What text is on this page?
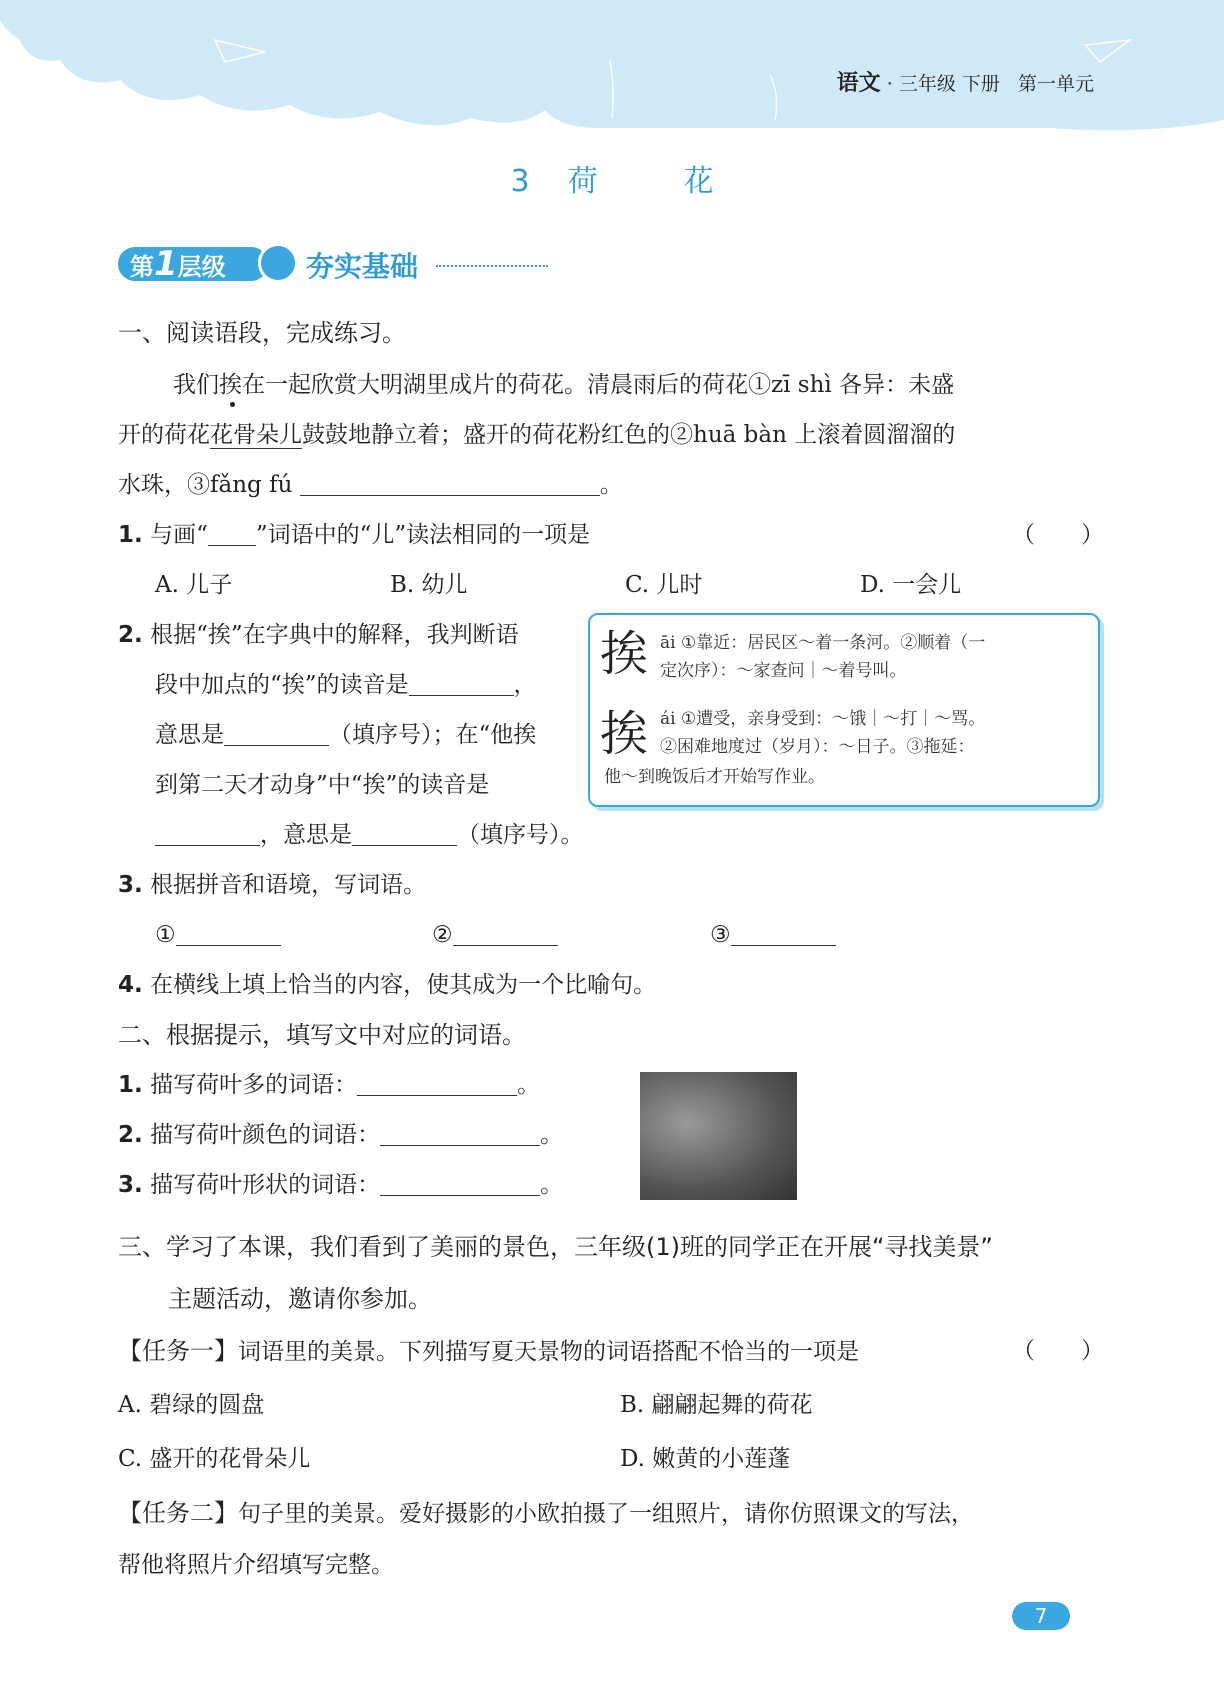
语文 · 三年级 下册 第一单元
3 荷	花
第1层级	夯实基础
一、阅读语段，完成练习。
我们挨
在一起欣赏大明湖里成片的荷花。清晨雨后的荷花①zī shì 各异：未盛
开的荷花花骨朵儿鼓鼓地静立着；盛开的荷花粉红色的②huā bàn 上滚着圆溜溜的
水珠，③fǎng fú	。
1. 与画“ ”词语中的“儿”读法相同的一项是	（　　）
A. 儿子	B. 幼儿	C. 儿时	D. 一会儿
2. 根据“挨”在字典中的解释，我判断语
段中加点的“挨”的读音是	，
意思是	（填序号）；在“他挨
到第二天才动身”中“挨”的读音是
，意思是	（填序号）。
挨 āi ①靠近：居民区～着一条河。②顺着（一
定次序）：～家查问｜～着号叫。
挨 ái ①遭受，亲身受到：～饿｜～打｜～骂。
②困难地度过（岁月）：～日子。③拖延：
他～到晚饭后才开始写作业。
3. 根据拼音和语境，写词语。
①	②	③
4. 在横线上填上恰当的内容，使其成为一个比喻句。
二、根据提示，填写文中对应的词语。
1. 描写荷叶多的词语：	。
2. 描写荷叶颜色的词语：	。
3. 描写荷叶形状的词语：	。
三、学习了本课，我们看到了美丽的景色，三年级(1)班的同学正在开展“寻找美景”
主题活动，邀请你参加。
【任务一】词语里的美景。下列描写夏天景物的词语搭配不恰当的一项是	（　　）
A. 碧绿的圆盘	B. 翩翩起舞的荷花
C. 盛开的花骨朵儿	D. 嫩黄的小莲蓬
【任务二】句子里的美景。爱好摄影的小欧拍摄了一组照片，请你仿照课文的写法，
帮他将照片介绍填写完整。
7
